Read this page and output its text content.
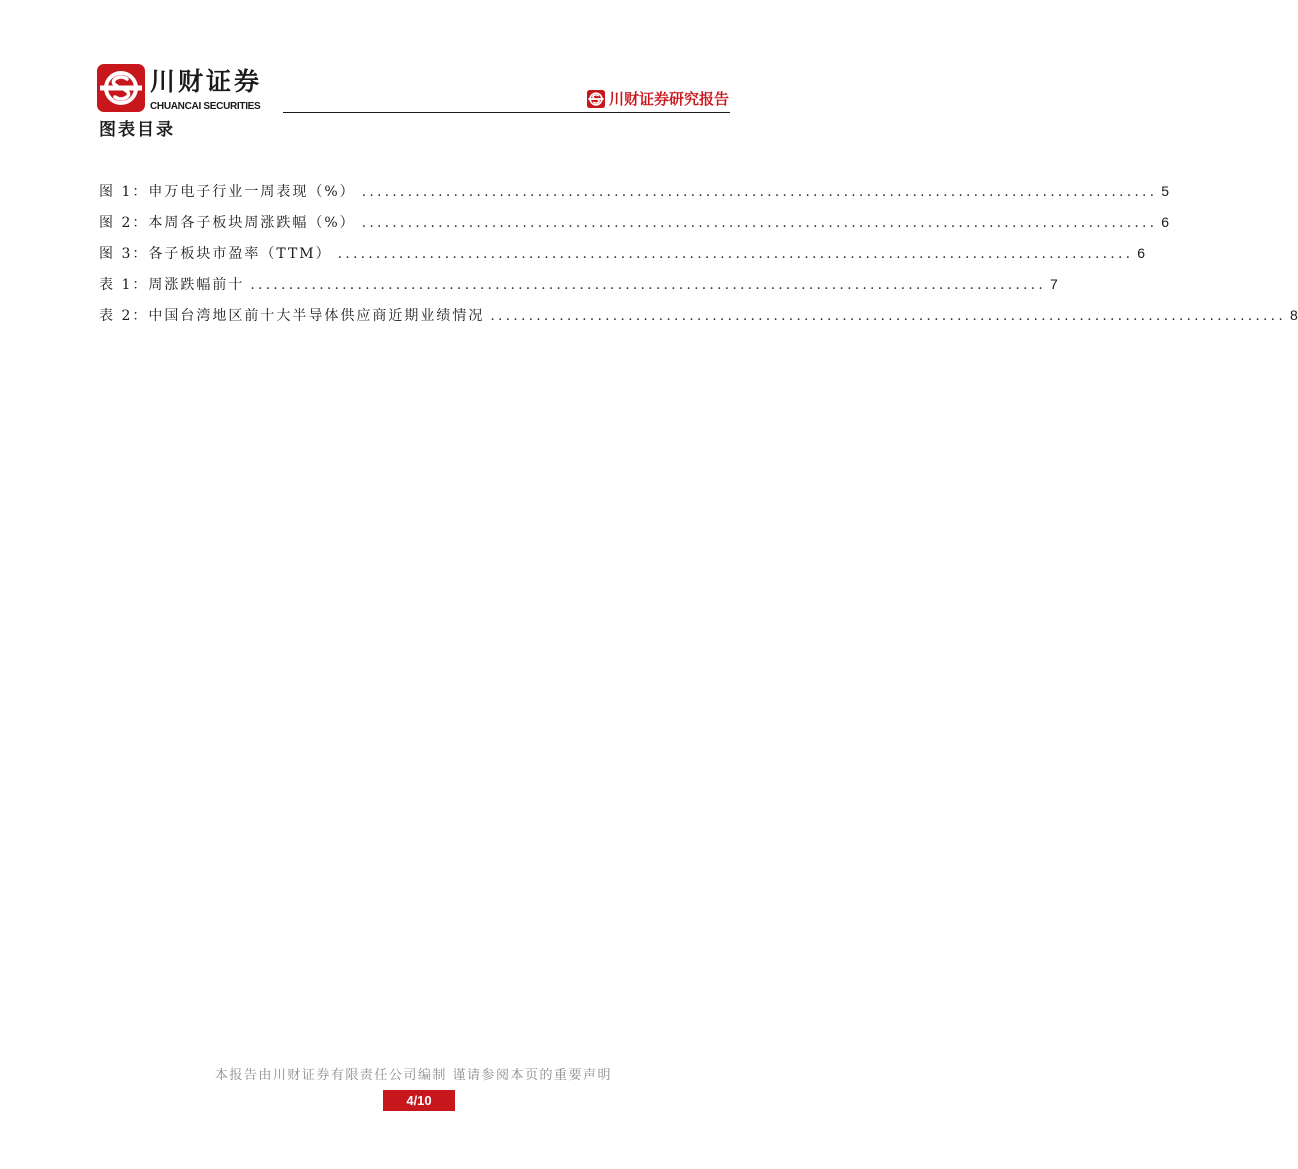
川财证券
CHUANCAI SECURITIES	川财证券研究报告
图表目录
图 1：申万电子行业一周表现（%） ........................................................................................................ 5
图 2：本周各子板块周涨跌幅（%） ........................................................................................................ 6
图 3：各子板块市盈率（TTM） ........................................................................................................ 6
表 1：周涨跌幅前十 ........................................................................................................ 7
表 2：中国台湾地区前十大半导体供应商近期业绩情况 ........................................................................................................ 8
本报告由川财证券有限责任公司编制 谨请参阅本页的重要声明
4/10
